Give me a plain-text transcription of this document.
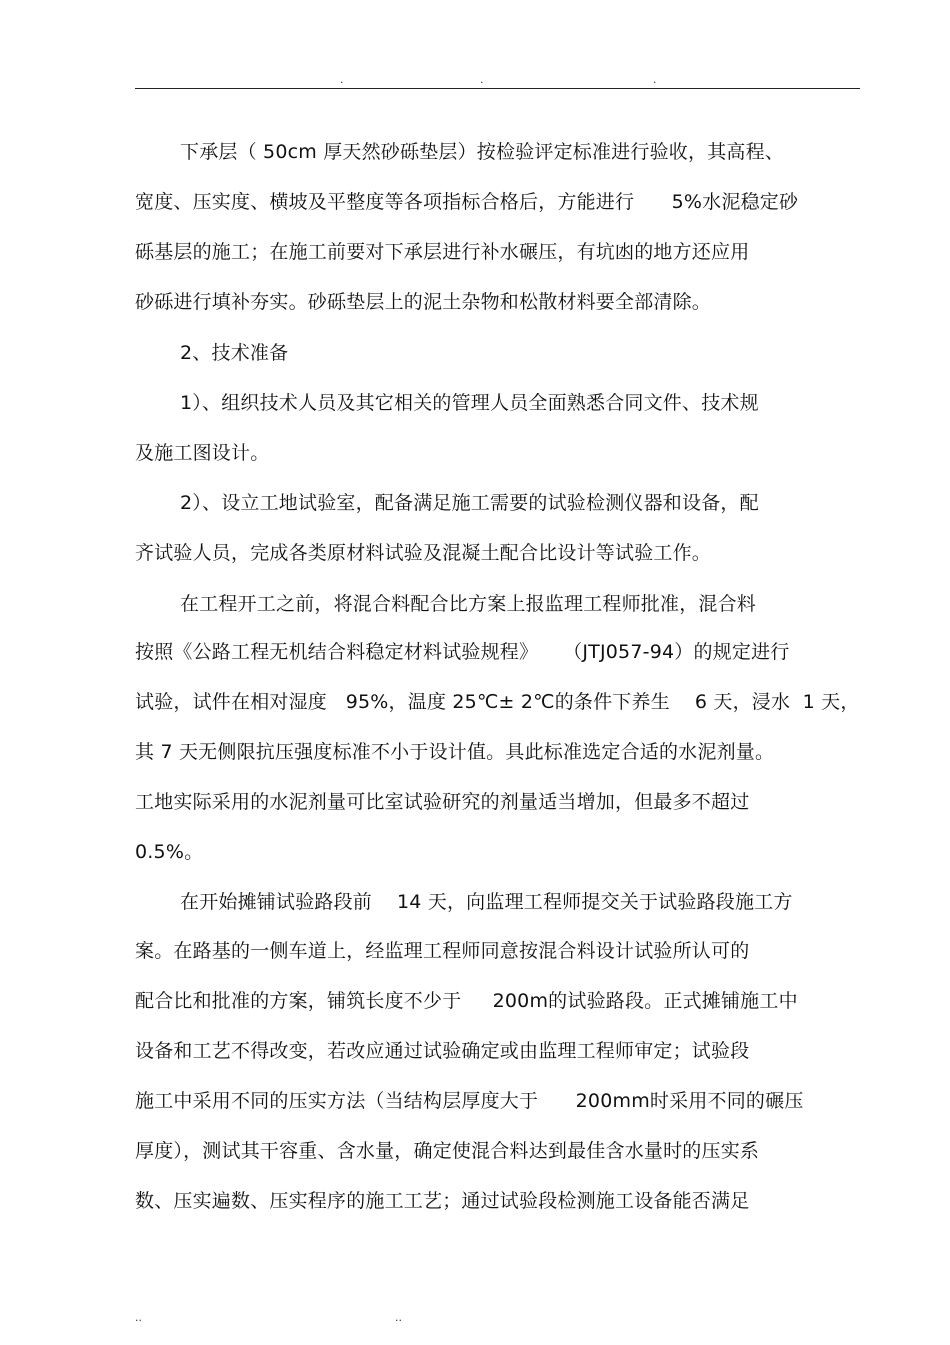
.	.	.
下承层（ 50cm 厚天然砂砾垫层）按检验评定标准进行验收，其高程、
宽度、压实度、横坡及平整度等各项指标合格后，方能进行      5%水泥稳定砂
砾基层的施工；在施工前要对下承层进行补水碾压，有坑凼的地方还应用
砂砾进行填补夯实。砂砾垫层上的泥土杂物和松散材料要全部清除。
2、技术准备
1）、组织技术人员及其它相关的管理人员全面熟悉合同文件、技术规
及施工图设计。
2）、设立工地试验室，配备满足施工需要的试验检测仪器和设备，配
齐试验人员，完成各类原材料试验及混凝土配合比设计等试验工作。
在工程开工之前，将混合料配合比方案上报监理工程师批准，混合料
按照《公路工程无机结合料稳定材料试验规程》    （JTJ057-94）的规定进行
试验，试件在相对湿度   95%，温度 25℃± 2℃的条件下养生    6 天，浸水  1 天，
其 7 天无侧限抗压强度标准不小于设计值。具此标准选定合适的水泥剂量。
工地实际采用的水泥剂量可比室试验研究的剂量适当增加，但最多不超过
0.5%。
在开始摊铺试验路段前    14 天，向监理工程师提交关于试验路段施工方
案。在路基的一侧车道上，经监理工程师同意按混合料设计试验所认可的
配合比和批准的方案，铺筑长度不少于     200m的试验路段。正式摊铺施工中
设备和工艺不得改变，若改应通过试验确定或由监理工程师审定；试验段
施工中采用不同的压实方法（当结构层厚度大于      200mm时采用不同的碾压
厚度），测试其干容重、含水量，确定使混合料达到最佳含水量时的压实系
数、压实遍数、压实程序的施工工艺；通过试验段检测施工设备能否满足
..	..
